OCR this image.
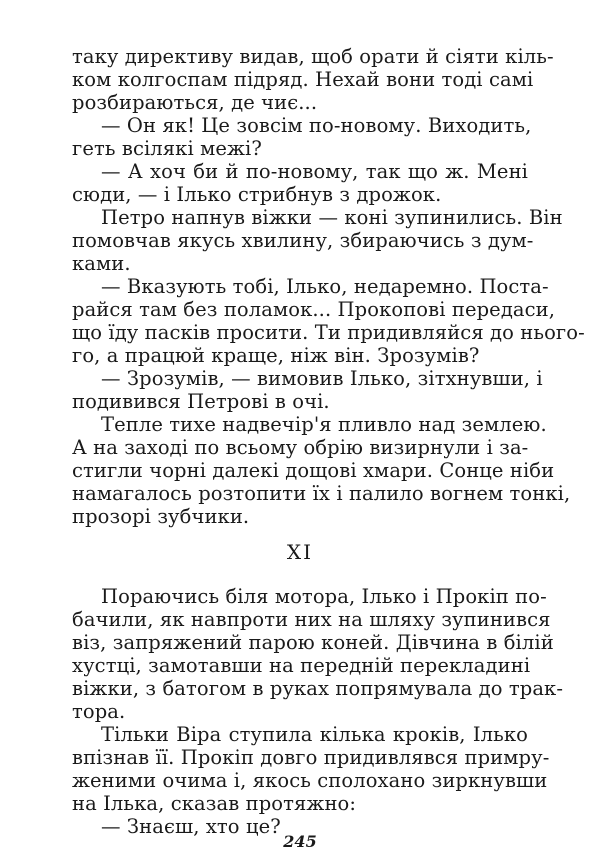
таку директиву видав, щоб орати й сіяти кіль-
ком колгоспам підряд. Нехай вони тоді самі
розбираються, де чиє...
— Он як! Це зовсім по-новому. Виходить,
геть всілякі межі?
— А хоч би й по-новому, так що ж. Мені
сюди, — і Ілько стрибнув з дрожок.
Петро напнув віжки — коні зупинились. Він
помовчав якусь хвилину, збираючись з дум-
ками.
— Вказують тобі, Ілько, недаремно. Поста-
райся там без поламок... Прокопові передаси,
що їду пасків просити. Ти придивляйся до нього-
го, а працюй краще, ніж він. Зрозумів?
— Зрозумів, — вимовив Ілько, зітхнувши, і
подивився Петрові в очі.
Тепле тихе надвечір'я пливло над землею.
А на заході по всьому обрію визирнули і за-
стигли чорні далекі дощові хмари. Сонце ніби
намагалось розтопити їх і палило вогнем тонкі,
прозорі зубчики.
XI
Пораючись біля мотора, Ілько і Прокіп по-
бачили, як навпроти них на шляху зупинився
віз, запряжений парою коней. Дівчина в білій
хустці, замотавши на передній перекладині
віжки, з батогом в руках попрямувала до трак-
тора.
Тільки Віра ступила кілька кроків, Ілько
впізнав її. Прокіп довго придивлявся примру-
женими очима і, якось сполохано зиркнувши
на Ілька, сказав протяжно:
— Знаєш, хто це?
245
